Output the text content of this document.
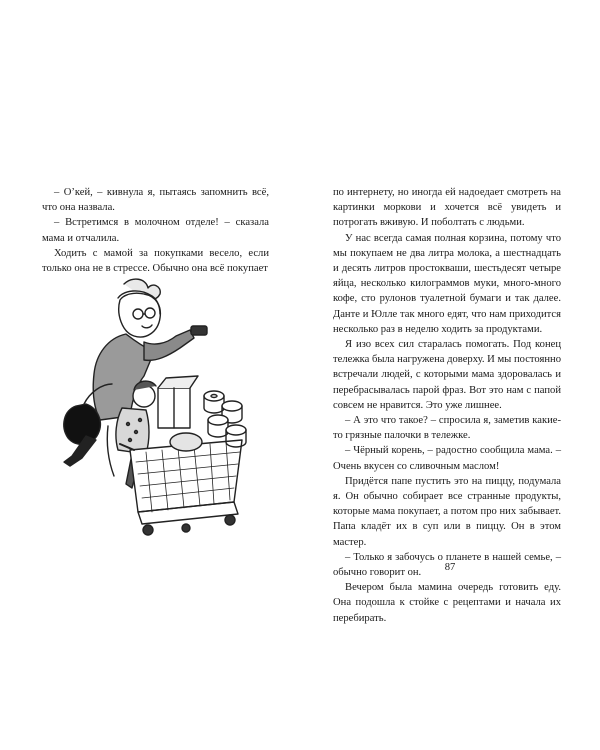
– О’кей, – кивнула я, пытаясь запомнить всё, что она назвала.

– Встретимся в молочном отделе! – сказала мама и отчалила.

Ходить с мамой за покупками весело, если только она не в стрессе. Обычно она всё покупает

по интернету, но иногда ей надоедает смотреть на картинки моркови и хочется всё увидеть и потрогать вживую. И поболтать с людьми.

У нас всегда самая полная корзина, потому что мы покупаем не два литра молока, а шестнадцать и десять литров простокваши, шестьдесят четыре яйца, несколько килограммов муки, много-много кофе, сто рулонов туалетной бумаги и так далее. Данте и Юлле так много едят, что нам приходится несколько раз в неделю ходить за продуктами.

Я изо всех сил старалась помогать. Под конец тележка была нагружена доверху. И мы постоянно встречали людей, с которыми мама здоровалась и перебрасывалась парой фраз. Вот это нам с папой совсем не нравится. Это уже лишнее.

– А это что такое? – спросила я, заметив какие-то грязные палочки в тележке.

– Чёрный корень, – радостно сообщила мама. – Очень вкусен со сливочным маслом!

Придётся папе пустить это на пиццу, подумала я. Он обычно собирает все странные продукты, которые мама покупает, а потом про них забывает. Папа кладёт их в суп или в пиццу. Он в этом мастер.

– Только я забочусь о планете в нашей семье, – обычно говорит он.

Вечером была мамина очередь готовить еду. Она подошла к стойке с рецептами и начала их перебирать.

87
